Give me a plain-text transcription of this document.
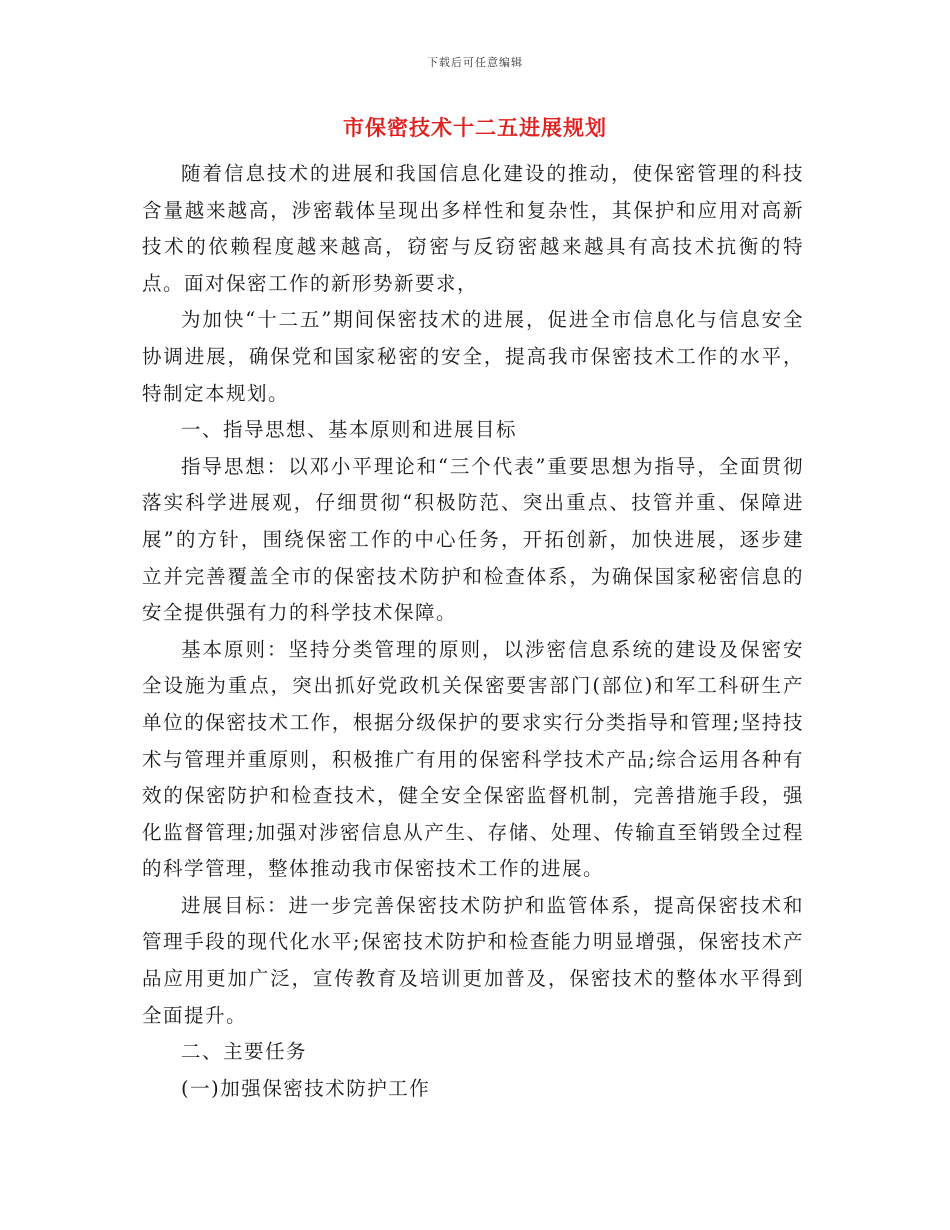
下载后可任意编辑
市保密技术十二五进展规划

随着信息技术的进展和我国信息化建设的推动，使保密管理的科技含量越来越高，涉密载体呈现出多样性和复杂性，其保护和应用对高新技术的依赖程度越来越高，窃密与反窃密越来越具有高技术抗衡的特点。面对保密工作的新形势新要求，

为加快“十二五”期间保密技术的进展，促进全市信息化与信息安全协调进展，确保党和国家秘密的安全，提高我市保密技术工作的水平，特制定本规划。

一、指导思想、基本原则和进展目标

指导思想：以邓小平理论和“三个代表”重要思想为指导，全面贯彻落实科学进展观，仔细贯彻“积极防范、突出重点、技管并重、保障进展”的方针，围绕保密工作的中心任务，开拓创新，加快进展，逐步建立并完善覆盖全市的保密技术防护和检查体系，为确保国家秘密信息的安全提供强有力的科学技术保障。

基本原则：坚持分类管理的原则，以涉密信息系统的建设及保密安全设施为重点，突出抓好党政机关保密要害部门(部位)和军工科研生产单位的保密技术工作，根据分级保护的要求实行分类指导和管理;坚持技术与管理并重原则，积极推广有用的保密科学技术产品;综合运用各种有效的保密防护和检查技术，健全安全保密监督机制，完善措施手段，强化监督管理;加强对涉密信息从产生、存储、处理、传输直至销毁全过程的科学管理，整体推动我市保密技术工作的进展。

进展目标：进一步完善保密技术防护和监管体系，提高保密技术和管理手段的现代化水平;保密技术防护和检查能力明显增强，保密技术产品应用更加广泛，宣传教育及培训更加普及，保密技术的整体水平得到全面提升。

二、主要任务

(一)加强保密技术防护工作
